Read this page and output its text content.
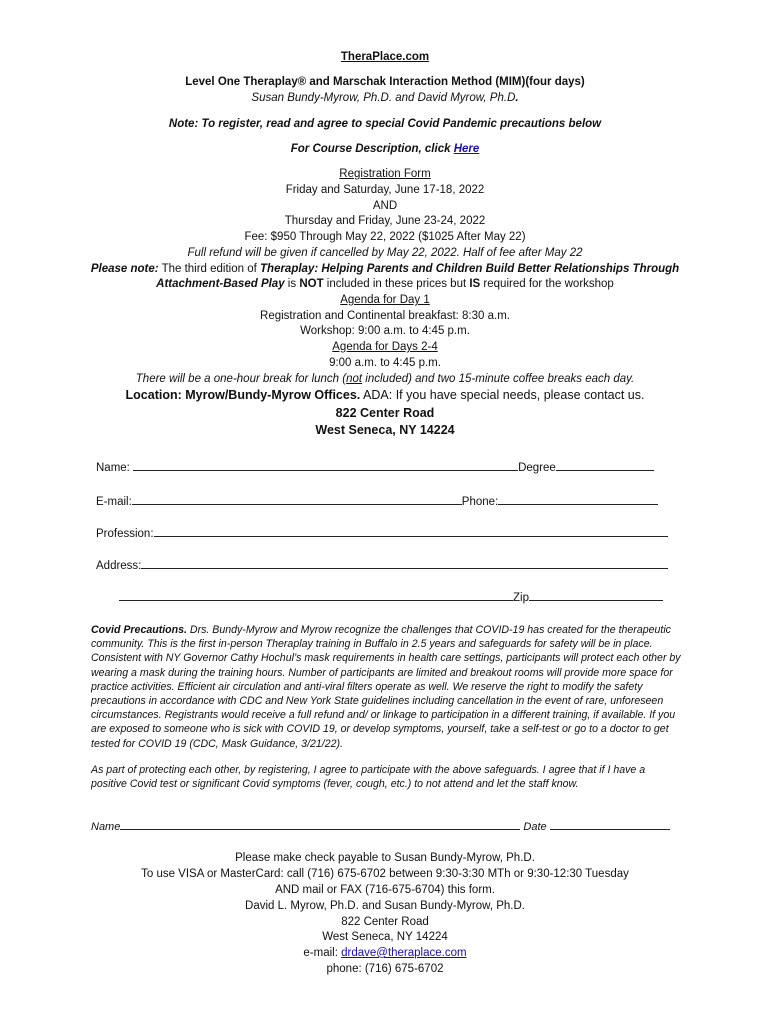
TheraPlace.com
Level One Theraplay® and Marschak Interaction Method (MIM)(four days)
Susan Bundy-Myrow, Ph.D. and David Myrow, Ph.D.
Note: To register, read and agree to special Covid Pandemic precautions below
For Course Description, click Here
Registration Form
Friday and Saturday, June 17-18, 2022
AND
Thursday and Friday, June 23-24, 2022
Fee: $950 Through May 22, 2022 ($1025 After May 22)
Full refund will be given if cancelled by May 22, 2022. Half of fee after May 22
Please note: The third edition of Theraplay: Helping Parents and Children Build Better Relationships Through
Attachment-Based Play is NOT included in these prices but IS required for the workshop
Agenda for Day 1
Registration and Continental breakfast: 8:30 a.m.
Workshop: 9:00 a.m. to 4:45 p.m.
Agenda for Days 2-4
9:00 a.m. to 4:45 p.m.
There will be a one-hour break for lunch (not included) and two 15-minute coffee breaks each day.
Location: Myrow/Bundy-Myrow Offices. ADA: If you have special needs, please contact us.
822 Center Road
West Seneca, NY 14224
Name:	Degree
E-mail:	Phone:
Profession:
Address:
Zip
Covid Precautions. Drs. Bundy-Myrow and Myrow recognize the challenges that COVID-19 has created for the therapeutic community. This is the first in-person Theraplay training in Buffalo in 2.5 years and safeguards for safety will be in place. Consistent with NY Governor Cathy Hochul’s mask requirements in health care settings, participants will protect each other by wearing a mask during the training hours. Number of participants are limited and breakout rooms will provide more space for practice activities. Efficient air circulation and anti-viral filters operate as well. We reserve the right to modify the safety precautions in accordance with CDC and New York State guidelines including cancellation in the event of rare, unforeseen circumstances. Registrants would receive a full refund and/ or linkage to participation in a different training, if available. If you are exposed to someone who is sick with COVID 19, or develop symptoms, yourself, take a self-test or go to a doctor to get tested for COVID 19 (CDC, Mask Guidance, 3/21/22).
As part of protecting each other, by registering, I agree to participate with the above safeguards. I agree that if I have a positive Covid test or significant Covid symptoms (fever, cough, etc.) to not attend and let the staff know.
Name	Date
Please make check payable to Susan Bundy-Myrow, Ph.D.
To use VISA or MasterCard: call (716) 675-6702 between 9:30-3:30 MTh or 9:30-12:30 Tuesday
AND mail or FAX (716-675-6704) this form.
David L. Myrow, Ph.D. and Susan Bundy-Myrow, Ph.D.
822 Center Road
West Seneca, NY 14224
e-mail: drdave@theraplace.com
phone: (716) 675-6702
